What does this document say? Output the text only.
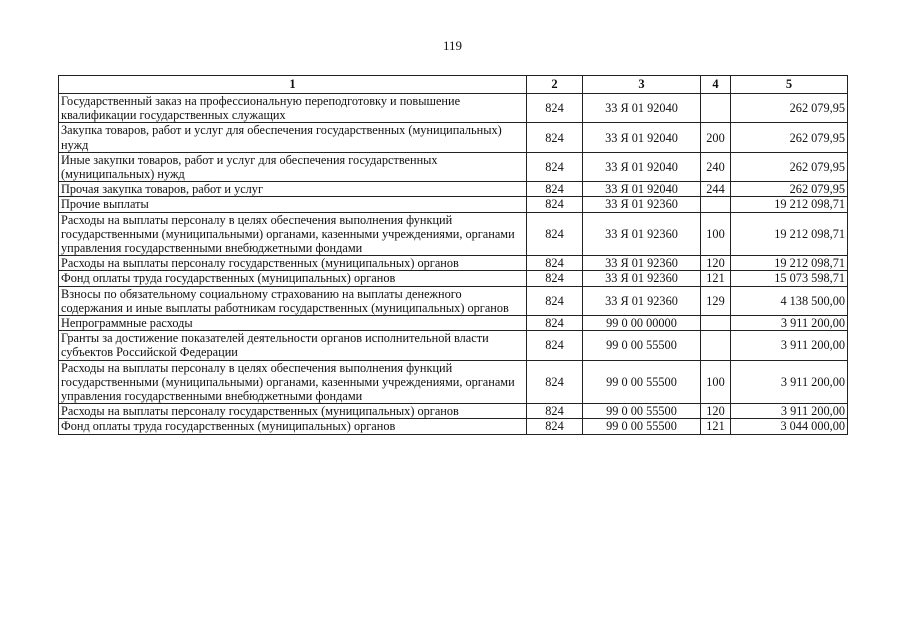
119
1	2	3	4	5
Государственный заказ на профессиональную переподготовку и повышение квалификации государственных служащих	824	33 Я 01 92040		262 079,95
Закупка товаров, работ и услуг для обеспечения государственных (муниципальных) нужд	824	33 Я 01 92040	200	262 079,95
Иные закупки товаров, работ и услуг для обеспечения государственных (муниципальных) нужд	824	33 Я 01 92040	240	262 079,95
Прочая закупка товаров, работ и услуг	824	33 Я 01 92040	244	262 079,95
Прочие выплаты	824	33 Я 01 92360		19 212 098,71
Расходы на выплаты персоналу в целях обеспечения выполнения функций государственными (муниципальными) органами, казенными учреждениями, органами управления государственными внебюджетными фондами	824	33 Я 01 92360	100	19 212 098,71
Расходы на выплаты персоналу государственных (муниципальных) органов	824	33 Я 01 92360	120	19 212 098,71
Фонд оплаты труда государственных (муниципальных) органов	824	33 Я 01 92360	121	15 073 598,71
Взносы по обязательному социальному страхованию на выплаты денежного содержания и иные выплаты работникам государственных (муниципальных) органов	824	33 Я 01 92360	129	4 138 500,00
Непрограммные расходы	824	99 0 00 00000		3 911 200,00
Гранты за достижение показателей деятельности органов исполнительной власти субъектов Российской Федерации	824	99 0 00 55500		3 911 200,00
Расходы на выплаты персоналу в целях обеспечения выполнения функций государственными (муниципальными) органами, казенными учреждениями, органами управления государственными внебюджетными фондами	824	99 0 00 55500	100	3 911 200,00
Расходы на выплаты персоналу государственных (муниципальных) органов	824	99 0 00 55500	120	3 911 200,00
Фонд оплаты труда государственных (муниципальных) органов	824	99 0 00 55500	121	3 044 000,00
